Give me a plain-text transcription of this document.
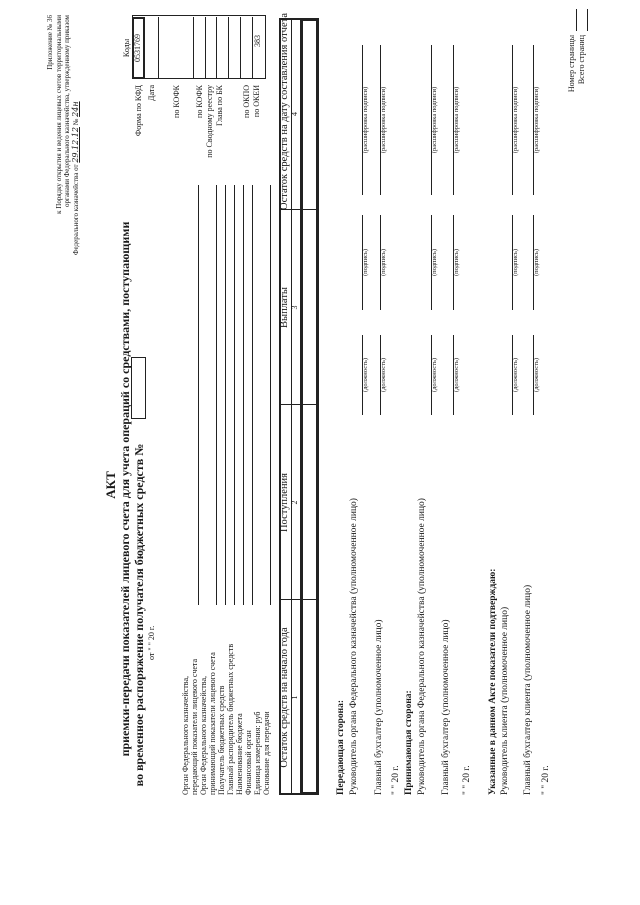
Приложение № 36 к Порядку открытия и ведения лицевых счетов территориальными органами Федерального казначейства, утвержденному приказом
Федерального казначейства от 29.12.12 № 24н
АКТ приемки-передачи показателей лицевого счета для учета операций со средствами, поступающими во временное распоряжение получателя бюджетных средств № от " " 20 г.
Коды 0531769	383
Форма по КФД Дата по КОФК по КОФК по Сводному реестру Глава по БК по ОКПО по ОКЕИ
Орган Федерального казначейства, передающий показатели лицевого счета Орган Федерального казначейства, принимающий показатели лицевого счета Получатель бюджетных средств Главный распорядитель бюджетных средств Наименование бюджета Финансовый орган Единица измерения: руб Основание для передачи Остаток средств на начало года
Поступления
Выплаты
Остаток средств на дату составления отчета
1
2
3
4
Передающая сторона: Руководитель органа Федерального казначейства (уполномоченное лицо)
(должность)
(подпись)
(расшифровка подписи)
Главный бухгалтер (уполномоченное лицо)
(должность)
(подпись)
(расшифровка подписи)
" " 20 г. Принимающая сторона: Руководитель органа Федерального казначейства (уполномоченное лицо)
(должность)
(подпись)
(расшифровка подписи)
Главный бухгалтер (уполномоченное лицо)
(должность)
(подпись)
(расшифровка подписи)
" " 20 г. Указанные в данном Акте показатели подтверждаю: Руководитель клиента (уполномоченное лицо)
(должность)
(подпись)
(расшифровка подписи)
Главный бухгалтер клиента (уполномоченное лицо)
(должность)
(подпись)
(расшифровка подписи)
" " 20 г.
Номер страницы Всего страниц
